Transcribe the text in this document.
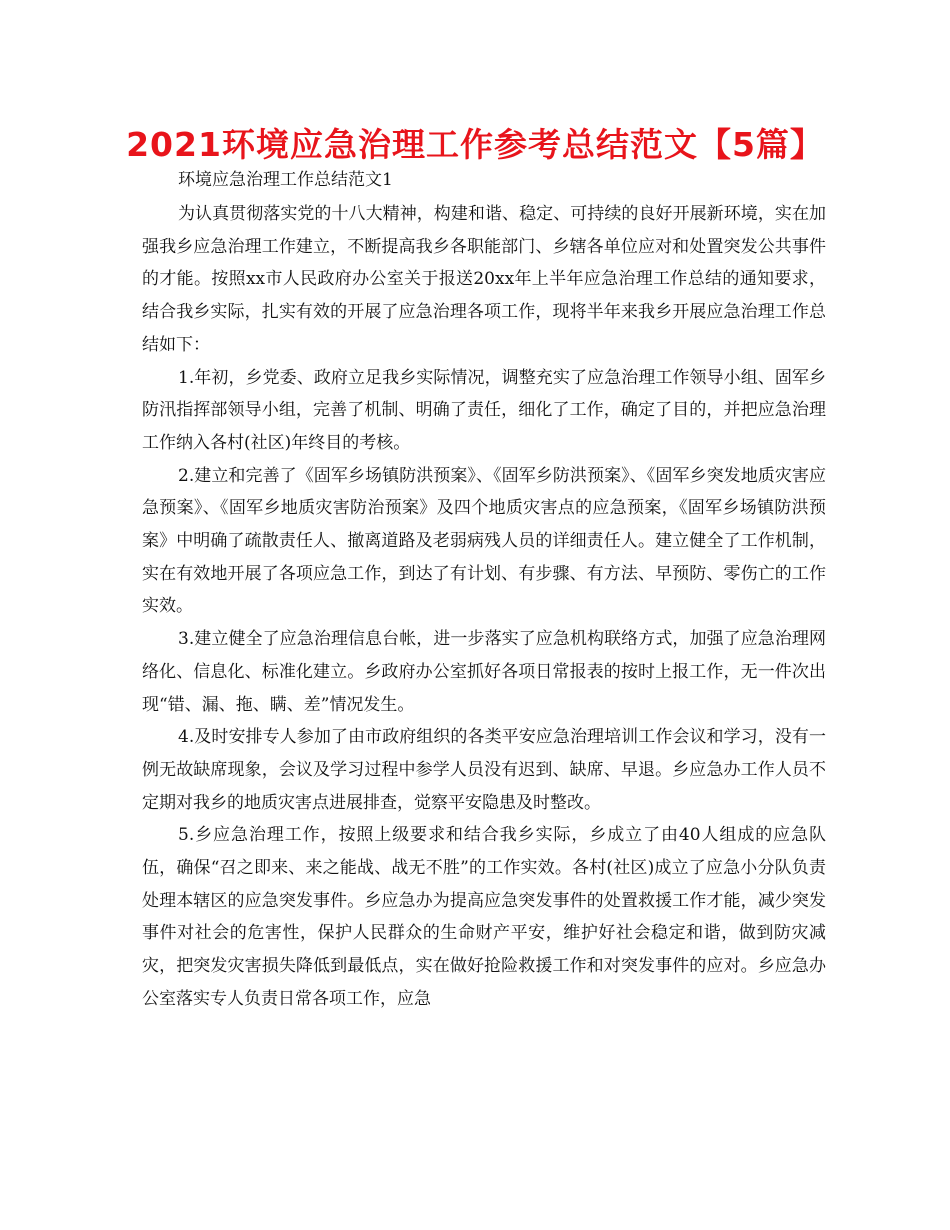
2021环境应急治理工作参考总结范文【5篇】
环境应急治理工作总结范文1

为认真贯彻落实党的十八大精神，构建和谐、稳定、可持续的良好开展新环境，实在加强我乡应急治理工作建立，不断提高我乡各职能部门、乡辖各单位应对和处置突发公共事件的才能。按照xx市人民政府办公室关于报送20xx年上半年应急治理工作总结的通知要求，结合我乡实际，扎实有效的开展了应急治理各项工作，现将半年来我乡开展应急治理工作总结如下：

1.年初，乡党委、政府立足我乡实际情况，调整充实了应急治理工作领导小组、固军乡防汛指挥部领导小组，完善了机制、明确了责任，细化了工作，确定了目的，并把应急治理工作纳入各村(社区)年终目的考核。

2.建立和完善了《固军乡场镇防洪预案》、《固军乡防洪预案》、《固军乡突发地质灾害应急预案》、《固军乡地质灾害防治预案》及四个地质灾害点的应急预案，《固军乡场镇防洪预案》中明确了疏散责任人、撤离道路及老弱病残人员的详细责任人。建立健全了工作机制，实在有效地开展了各项应急工作，到达了有计划、有步骤、有方法、早预防、零伤亡的工作实效。

3.建立健全了应急治理信息台帐，进一步落实了应急机构联络方式，加强了应急治理网络化、信息化、标准化建立。乡政府办公室抓好各项日常报表的按时上报工作，无一件次出现“错、漏、拖、瞒、差”情况发生。

4.及时安排专人参加了由市政府组织的各类平安应急治理培训工作会议和学习，没有一例无故缺席现象，会议及学习过程中参学人员没有迟到、缺席、早退。乡应急办工作人员不定期对我乡的地质灾害点进展排查，觉察平安隐患及时整改。

5.乡应急治理工作，按照上级要求和结合我乡实际，乡成立了由40人组成的应急队伍，确保“召之即来、来之能战、战无不胜”的工作实效。各村(社区)成立了应急小分队负责处理本辖区的应急突发事件。乡应急办为提高应急突发事件的处置救援工作才能，减少突发事件对社会的危害性，保护人民群众的生命财产平安，维护好社会稳定和谐，做到防灾减灾，把突发灾害损失降低到最低点，实在做好抢险救援工作和对突发事件的应对。乡应急办公室落实专人负责日常各项工作，应急
